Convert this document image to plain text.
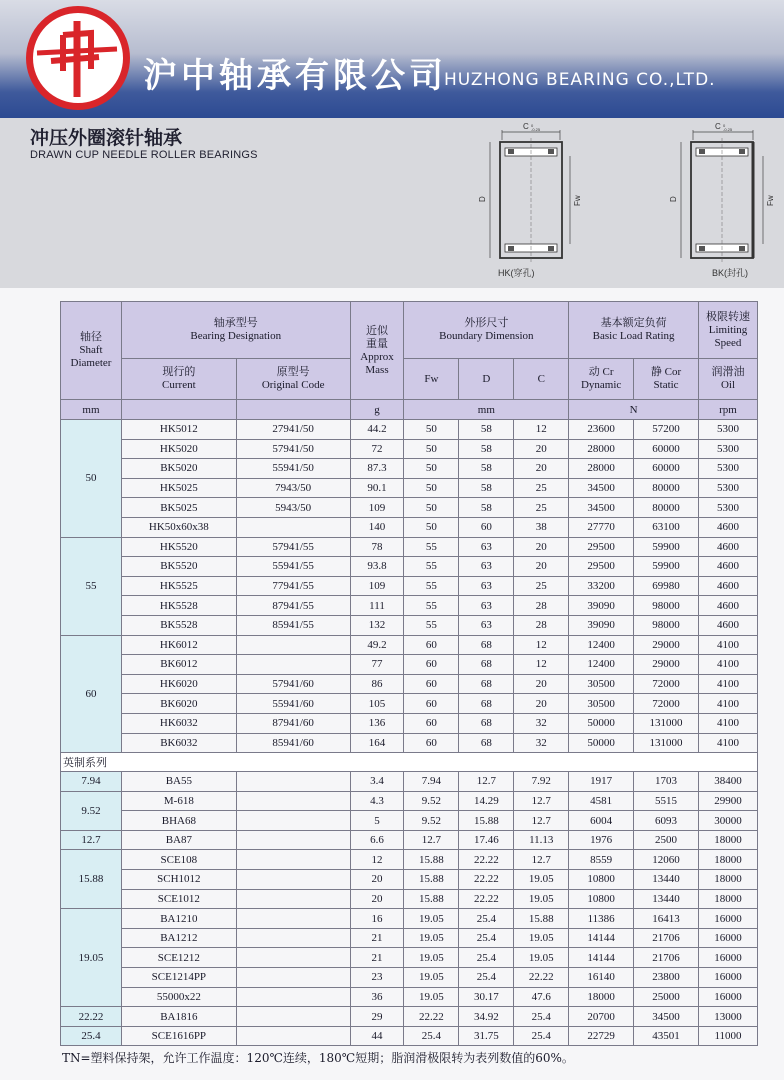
沪中轴承有限公司
HUZHONG BEARING CO.,LTD.
冲压外圈滚针轴承
DRAWN CUP NEEDLE ROLLER BEARINGS
C 0
-0.25
D	Fw
HK(穿孔)
C 0
-0.25
D	Fw
BK(封孔)
轴径
Shaft
Diameter	轴承型号
Bearing Designation		近似
重量
Approx
Mass	外形尺寸
Boundary Dimension			基本额定负荷
Basic Load Rating		极限转速
Limiting
Speed

	现行的
Current	原型号
Original Code		Fw	D	C	动 Cr
Dynamic	静 Cor
Static	润滑油
Oil

mm			g	mm			N		rpm
50	HK5012	27941/50	44.2	50	58	12	23600	57200	5300
	HK5020	57941/50	72	50	58	20	28000	60000	5300
	BK5020	55941/50	87.3	50	58	20	28000	60000	5300
	HK5025	7943/50	90.1	50	58	25	34500	80000	5300
	BK5025	5943/50	109	50	58	25	34500	80000	5300
	HK50x60x38		140	50	60	38	27770	63100	4600
55	HK5520	57941/55	78	55	63	20	29500	59900	4600
	BK5520	55941/55	93.8	55	63	20	29500	59900	4600
	HK5525	77941/55	109	55	63	25	33200	69980	4600
	HK5528	87941/55	111	55	63	28	39090	98000	4600
	BK5528	85941/55	132	55	63	28	39090	98000	4600
60	HK6012		49.2	60	68	12	12400	29000	4100
	BK6012		77	60	68	12	12400	29000	4100
	HK6020	57941/60	86	60	68	20	30500	72000	4100
	BK6020	55941/60	105	60	68	20	30500	72000	4100
	HK6032	87941/60	136	60	68	32	50000	131000	4100
	BK6032	85941/60	164	60	68	32	50000	131000	4100
英制系列									
7.94	BA55		3.4	7.94	12.7	7.92	1917	1703	38400
9.52	M-618		4.3	9.52	14.29	12.7	4581	5515	29900
	BHA68		5	9.52	15.88	12.7	6004	6093	30000
12.7	BA87		6.6	12.7	17.46	11.13	1976	2500	18000
15.88	SCE108		12	15.88	22.22	12.7	8559	12060	18000
	SCH1012		20	15.88	22.22	19.05	10800	13440	18000
	SCE1012		20	15.88	22.22	19.05	10800	13440	18000
19.05	BA1210		16	19.05	25.4	15.88	11386	16413	16000
	BA1212		21	19.05	25.4	19.05	14144	21706	16000
	SCE1212		21	19.05	25.4	19.05	14144	21706	16000
	SCE1214PP		23	19.05	25.4	22.22	16140	23800	16000
	55000x22		36	19.05	30.17	47.6	18000	25000	16000
22.22	BA1816		29	22.22	34.92	25.4	20700	34500	13000
25.4	SCE1616PP		44	25.4	31.75	25.4	22729	43501	11000
TN=塑料保持架，允许工作温度：120℃连续，180℃短期；脂润滑极限转为表列数值的60%。
